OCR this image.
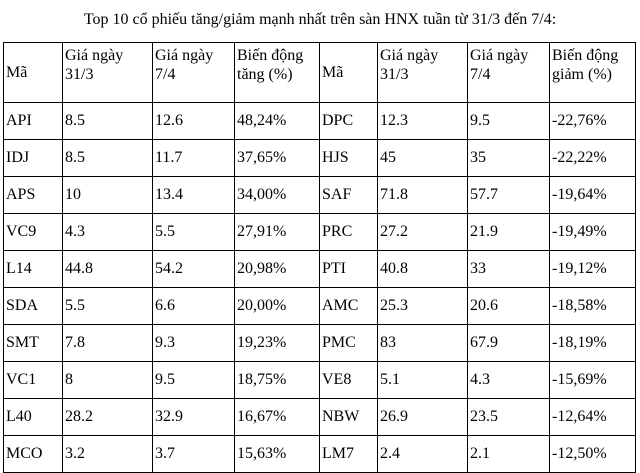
Top 10 cổ phiếu tăng/giảm mạnh nhất trên sàn HNX tuần từ 31/3 đến 7/4:
Mã	Giá ngày 31/3	Giá ngày 7/4	Biến động tăng (%)	Mã	Giá ngày 31/3	Giá ngày 7/4	Biến động giảm (%)
API	8.5	12.6	48,24%	DPC	12.3	9.5	-22,76%
IDJ	8.5	11.7	37,65%	HJS	45	35	-22,22%
APS	10	13.4	34,00%	SAF	71.8	57.7	-19,64%
VC9	4.3	5.5	27,91%	PRC	27.2	21.9	-19,49%
L14	44.8	54.2	20,98%	PTI	40.8	33	-19,12%
SDA	5.5	6.6	20,00%	AMC	25.3	20.6	-18,58%
SMT	7.8	9.3	19,23%	PMC	83	67.9	-18,19%
VC1	8	9.5	18,75%	VE8	5.1	4.3	-15,69%
L40	28.2	32.9	16,67%	NBW	26.9	23.5	-12,64%
MCO	3.2	3.7	15,63%	LM7	2.4	2.1	-12,50%
